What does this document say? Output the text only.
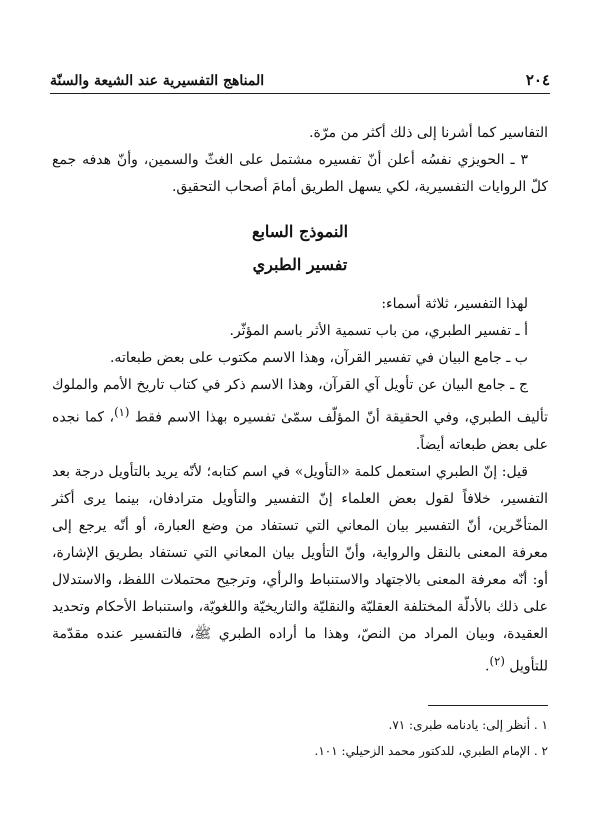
٢٠٤
المناهج التفسيرية عند الشيعة والسنّة

التفاسير كما أشرنا إلى ذلك أكثر من مرّة.

٣ ـ الحويزي نفسُه أعلن أنّ تفسيره مشتمل على الغثّ والسمين، وأنّ هدفه جمع كلّ الروايات التفسيرية، لكي يسهل الطريق أمامَ أصحاب التحقيق.

النموذج السابع

تفسير الطبري

لهذا التفسير، ثلاثة أسماء:

أ ـ تفسير الطبري، من باب تسمية الأثر باسم المؤثّر.

ب ـ جامع البيان في تفسير القرآن، وهذا الاسم مكتوب على بعض طبعاته.

ج ـ جامع البيان عن تأويل آي القرآن، وهذا الاسم ذكر في كتاب تاريخ الأمم والملوك تأليف الطبري، وفي الحقيقة أنّ المؤلّف سمّىٰ تفسيره بهذا الاسم فقط $^{(١)}$، كما نجده على بعض طبعاته أيضاً.

قيل: إنّ الطبري استعمل كلمة «التأويل» في اسم كتابه؛ لأنّه يريد بالتأويل درجة بعد التفسير، خلافاً لقول بعض العلماء إنّ التفسير والتأويل مترادفان، بينما يرى أكثر المتأخّرين، أنّ التفسير بيان المعاني التي تستفاد من وضع العبارة، أو أنّه يرجع إلى معرفة المعنى بالنقل والرواية، وأنّ التأويل بيان المعاني التي تستفاد بطريق الإشارة، أو: أنّه معرفة المعنى بالاجتهاد والاستنباط والرأي، وترجيح محتملات اللفظ، والاستدلال على ذلك بالأدلّة المختلفة العقليّة والنقليّة والتاريخيّة واللغويّة، واستنباط الأحكام وتحديد العقيدة، وبيان المراد من النصّ، وهذا ما أراده الطبري ﷺ، فالتفسير عنده مقدّمة للتأويل $^{(٢)}$.

١ . أنظر إلى: يادنامه طبرى: ٧١.

٢ . الإمام الطبري، للدكتور محمد الزحيلي: ١٠١.
